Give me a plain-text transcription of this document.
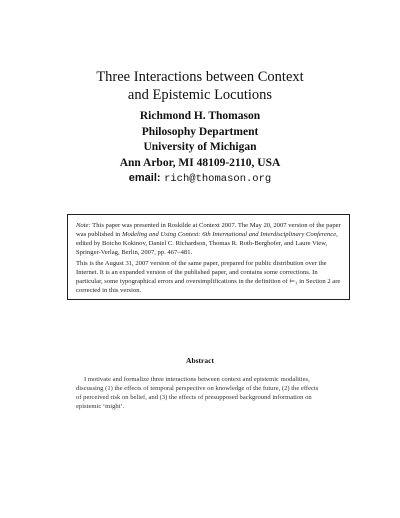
Three Interactions between Context
and Epistemic Locutions
Richmond H. Thomason
Philosophy Department
University of Michigan
Ann Arbor, MI 48109-2110, USA
email: rich@thomason.org

Note: This paper was presented in Roskilde at Context 2007. The May 20, 2007 version of the paper was published in Modeling and Using Context: 6th International and Interdisciplinary Conference, edited by Boicho Kokinov, Daniel C. Richardson, Thomas R. Roth-Berghofer, and Laure View, Springer-Verlag, Berlin, 2007, pp. 467–481.

This is the August 31, 2007 version of the same paper, prepared for public distribution over the Internet. It is an expanded version of the published paper, and contains some corrections. In particular, some typographical errors and oversimplifications in the definition of ⊨₃ in Section 2 are corrected in this version.

Abstract
I motivate and formalize three interactions between context and epistemic modalities, discussing (1) the effects of temporal perspective on knowledge of the future, (2) the effects of perceived risk on belief, and (3) the effects of presupposed background information on epistemic ‘might’.
